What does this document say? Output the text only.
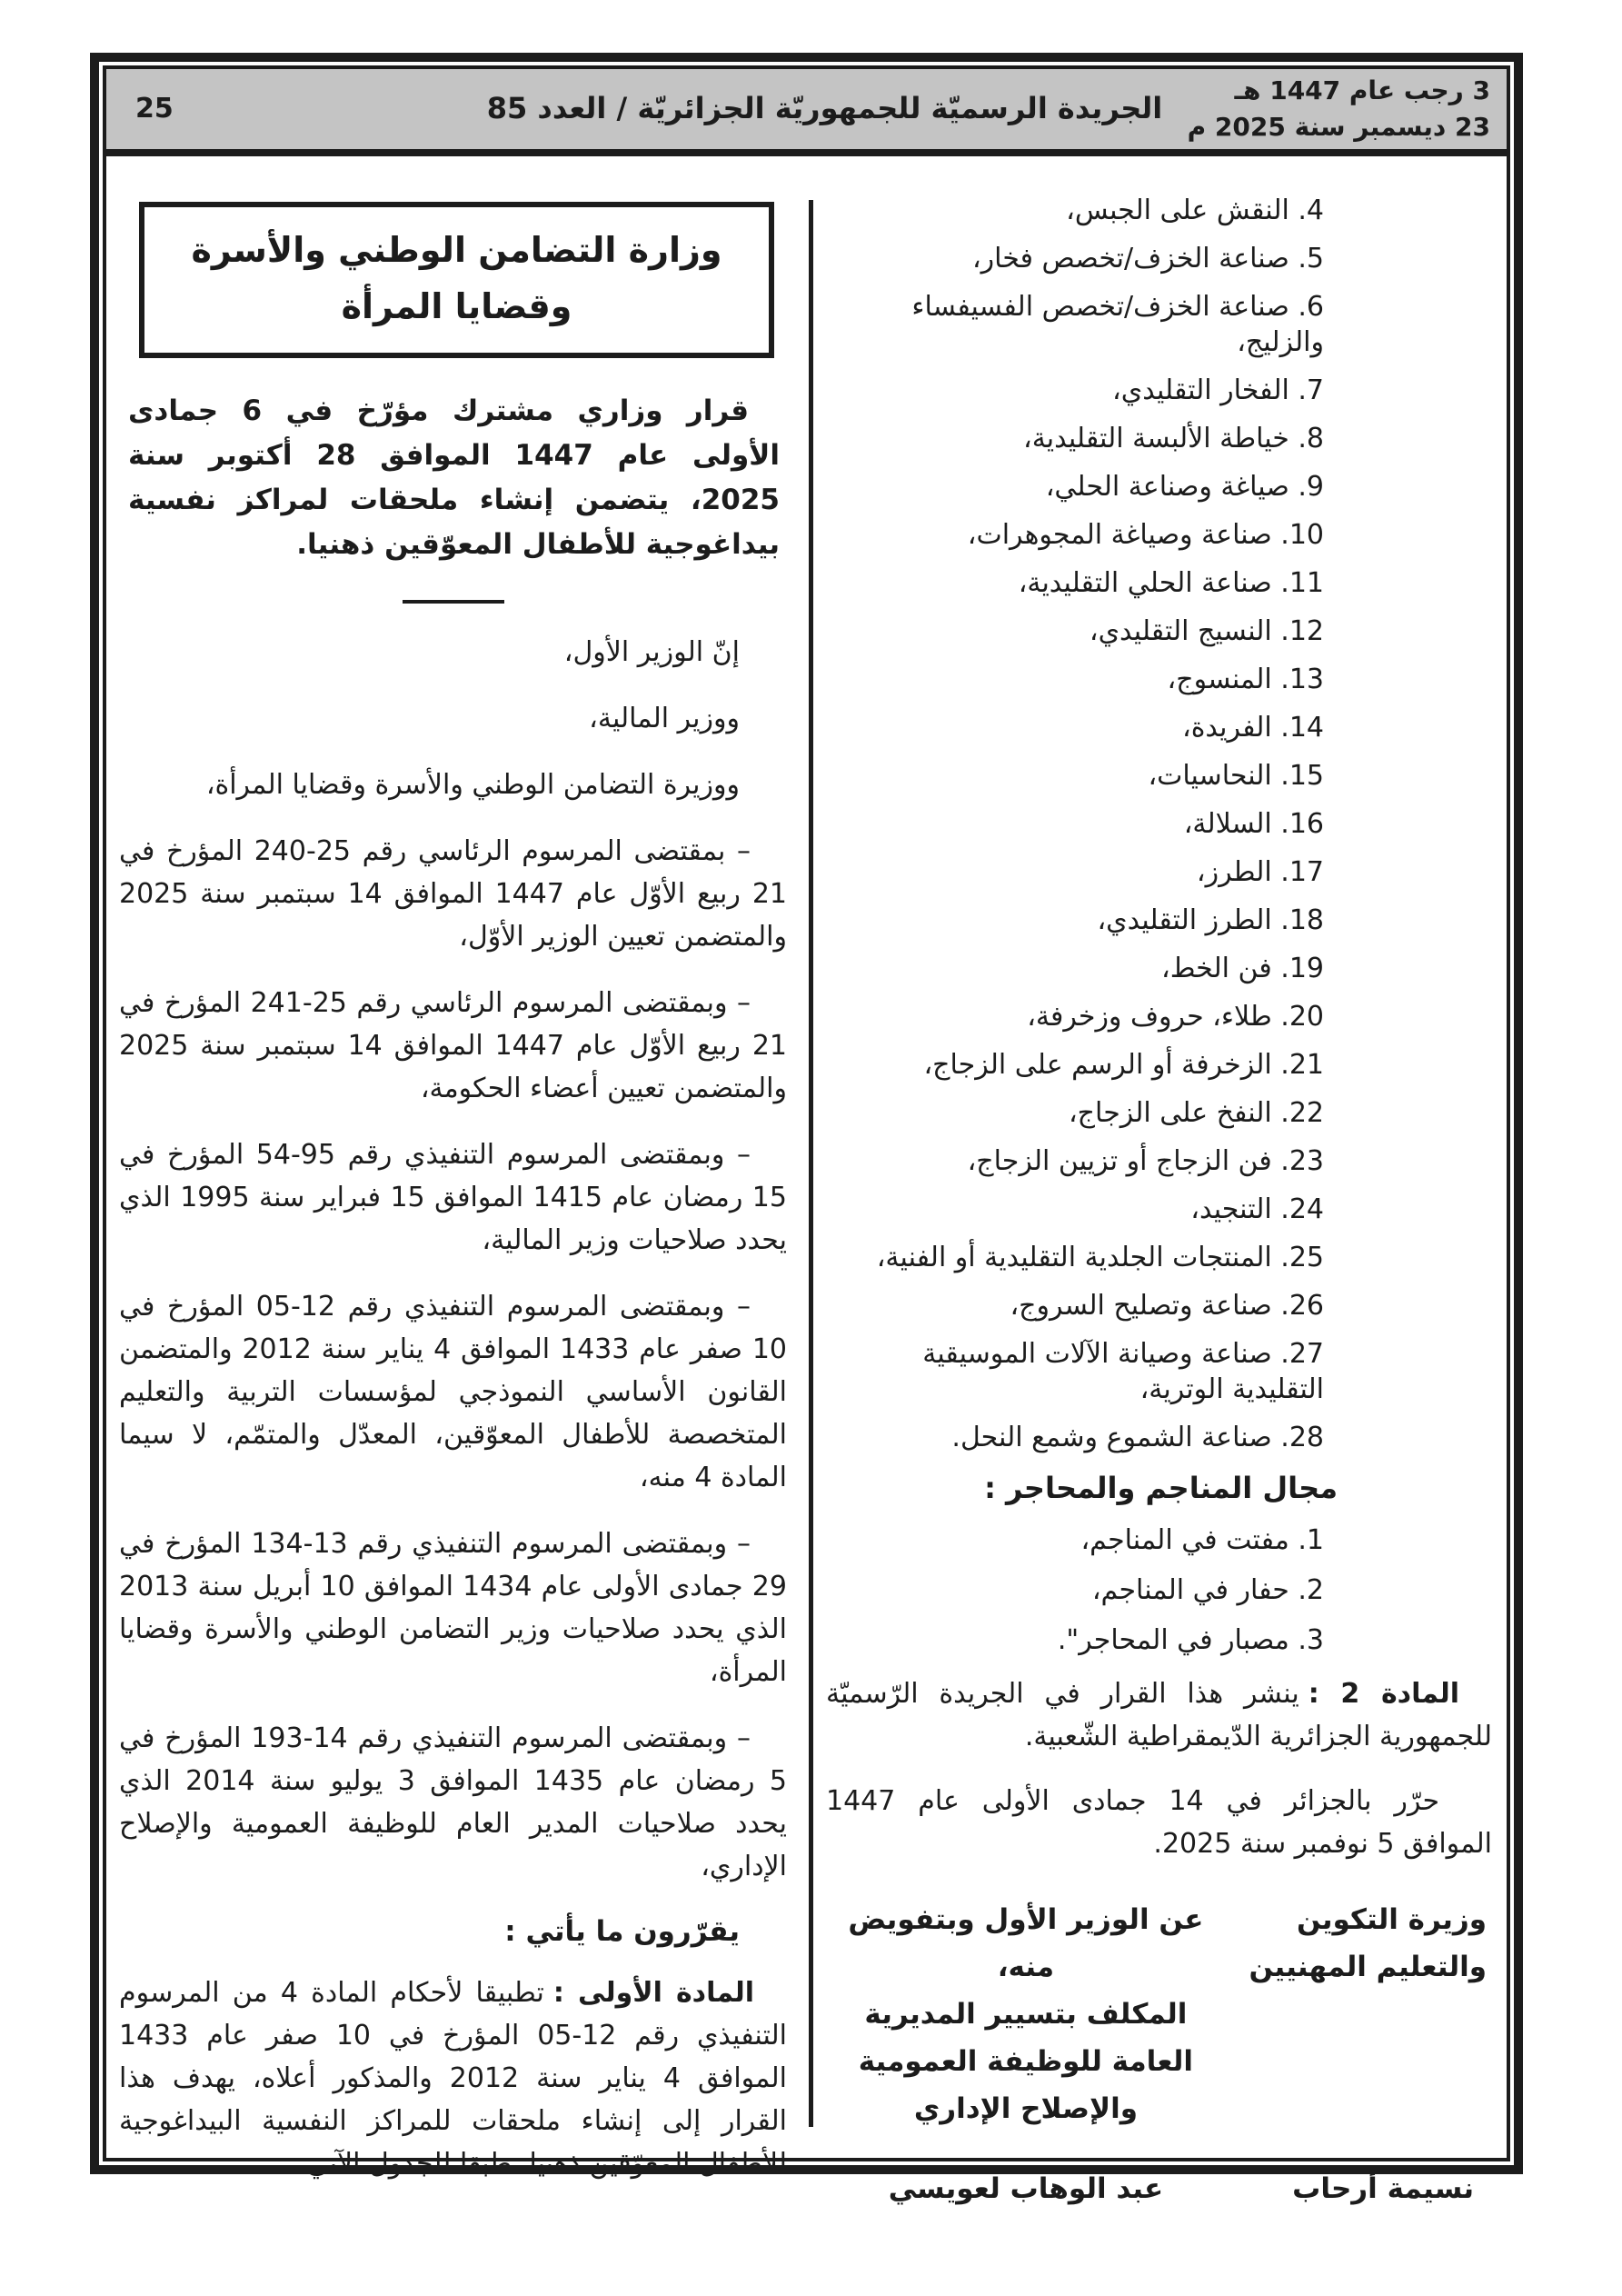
25	الجريدة الرسميّة للجمهوريّة الجزائريّة / العدد 85
3 رجب عام 1447 هـ
23 ديسمبر سنة 2025 م
وزارة التضامن الوطني والأسرة
وقضايا المرأة

قرار وزاري مشترك مؤرّخ في 6 جمادى الأولى عام 1447 الموافق 28 أكتوبر سنة 2025، يتضمن إنشاء ملحقات لمراكز نفسية بيداغوجية للأطفال المعوّقين ذهنيا.

إنّ الوزير الأول،

ووزير المالية،

ووزيرة التضامن الوطني والأسرة وقضايا المرأة،

– بمقتضى المرسوم الرئاسي رقم 25-240 المؤرخ في 21 ربيع الأوّل عام 1447 الموافق 14 سبتمبر سنة 2025 والمتضمن تعيين الوزير الأوّل،

– وبمقتضى المرسوم الرئاسي رقم 25-241 المؤرخ في 21 ربيع الأوّل عام 1447 الموافق 14 سبتمبر سنة 2025 والمتضمن تعيين أعضاء الحكومة،

– وبمقتضى المرسوم التنفيذي رقم 95-54 المؤرخ في 15 رمضان عام 1415 الموافق 15 فبراير سنة 1995 الذي يحدد صلاحيات وزير المالية،

– وبمقتضى المرسوم التنفيذي رقم 12-05 المؤرخ في 10 صفر عام 1433 الموافق 4 يناير سنة 2012 والمتضمن القانون الأساسي النموذجي لمؤسسات التربية والتعليم المتخصصة للأطفال المعوّقين، المعدّل والمتمّم، لا سيما المادة 4 منه،

– وبمقتضى المرسوم التنفيذي رقم 13-134 المؤرخ في 29 جمادى الأولى عام 1434 الموافق 10 أبريل سنة 2013 الذي يحدد صلاحيات وزير التضامن الوطني والأسرة وقضايا المرأة،

– وبمقتضى المرسوم التنفيذي رقم 14-193 المؤرخ في 5 رمضان عام 1435 الموافق 3 يوليو سنة 2014 الذي يحدد صلاحيات المدير العام للوظيفة العمومية والإصلاح الإداري،

يقرّرون ما يأتي :

المادة الأولى :تطبيقا لأحكام المادة 4 من المرسوم التنفيذي رقم 12-05 المؤرخ في 10 صفر عام 1433 الموافق 4 يناير سنة 2012 والمذكور أعلاه، يهدف هذا القرار إلى إنشاء ملحقات للمراكز النفسية البيداغوجية للأطفال المعوّقين ذهنيا، طبقا للجدول الآتي :

4. النقش على الجبس،

5. صناعة الخزف/تخصص فخار،

6. صناعة الخزف/تخصص الفسيفساء والزليج،

7. الفخار التقليدي،

8. خياطة الألبسة التقليدية،

9. صياغة وصناعة الحلي،

10. صناعة وصياغة المجوهرات،

11. صناعة الحلي التقليدية،

12. النسيج التقليدي،

13. المنسوج،

14. الفريدة،

15. النحاسيات،

16. السلالة،

17. الطرز،

18. الطرز التقليدي،

19. فن الخط،

20. طلاء، حروف وزخرفة،

21. الزخرفة أو الرسم على الزجاج،

22. النفخ على الزجاج،

23. فن الزجاج أو تزيين الزجاج،

24. التنجيد،

25. المنتجات الجلدية التقليدية أو الفنية،

26. صناعة وتصليح السروج،

27. صناعة وصيانة الآلات الموسيقية التقليدية الوترية،

28. صناعة الشموع وشمع النحل.

مجال المناجم والمحاجر :

1. مفتت في المناجم،

2. حفار في المناجم،

3. مصبار في المحاجر".

المادة 2 :ينشر هذا القرار في الجريدة الرّسميّة للجمهورية الجزائرية الدّيمقراطية الشّعبية.

حرّر بالجزائر في 14 جمادى الأولى عام 1447 الموافق 5 نوفمبر سنة 2025.

وزيرة التكوين
والتعليم المهنيين
نسيمة أرحاب
عن الوزير الأول وبتفويض منه،
المكلف بتسيير المديرية
العامة للوظيفة العمومية
والإصلاح الإداري
عبد الوهاب لعويسي
